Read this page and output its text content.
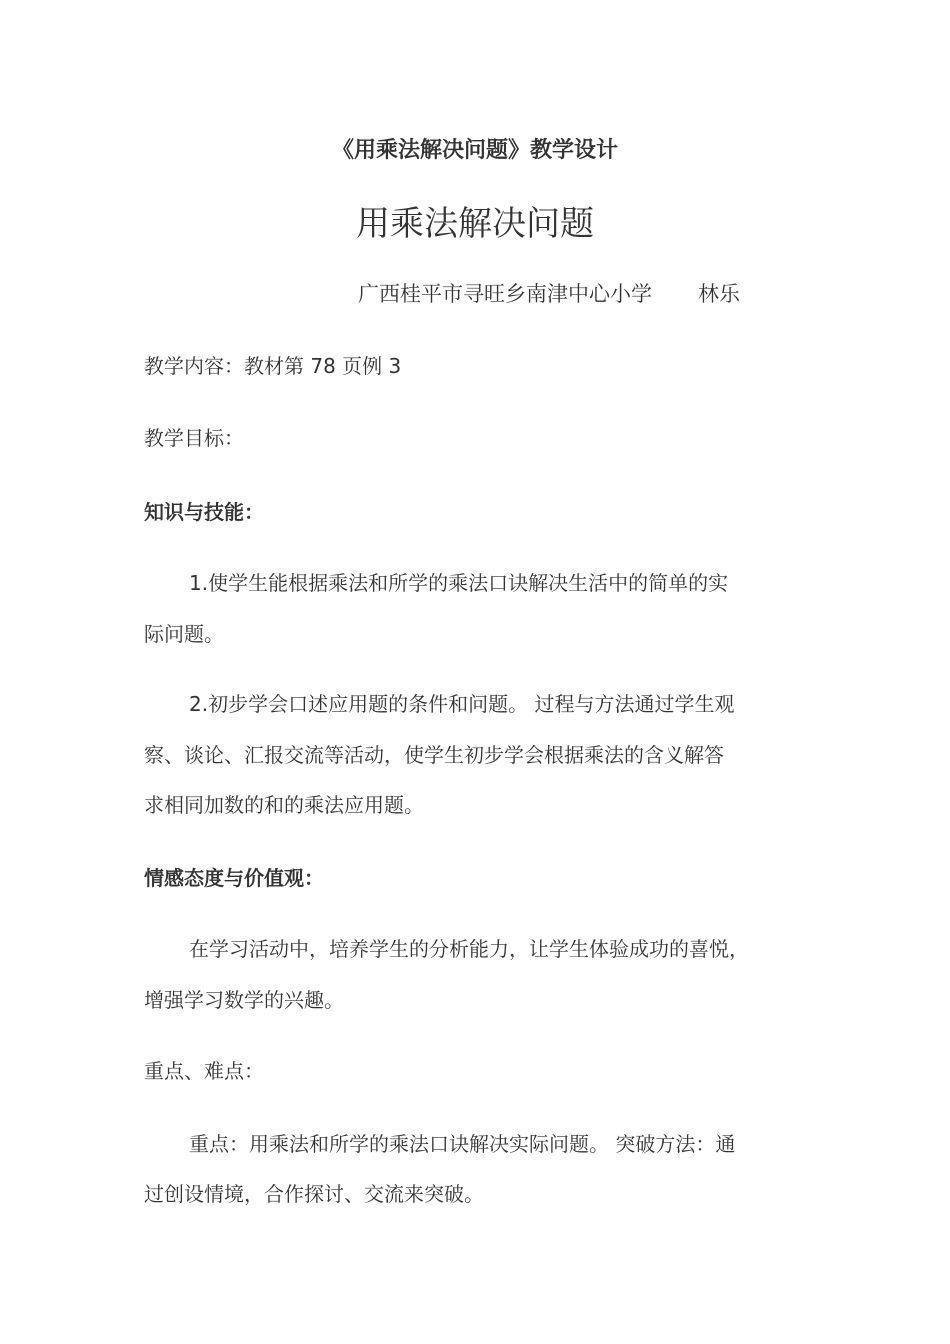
《用乘法解决问题》教学设计
用乘法解决问题
广西桂平市寻旺乡南津中心小学 林乐
教学内容：教材第 78 页例 3
教学目标：
知识与技能：
1.使学生能根据乘法和所学的乘法口诀解决生活中的简单的实
际问题。
2.初步学会口述应用题的条件和问题。 过程与方法通过学生观
察、谈论、汇报交流等活动，使学生初步学会根据乘法的含义解答
求相同加数的和的乘法应用题。
情感态度与价值观：
在学习活动中，培养学生的分析能力，让学生体验成功的喜悦，
增强学习数学的兴趣。
重点、难点：
重点：用乘法和所学的乘法口诀解决实际问题。 突破方法：通
过创设情境，合作探讨、交流来突破。
